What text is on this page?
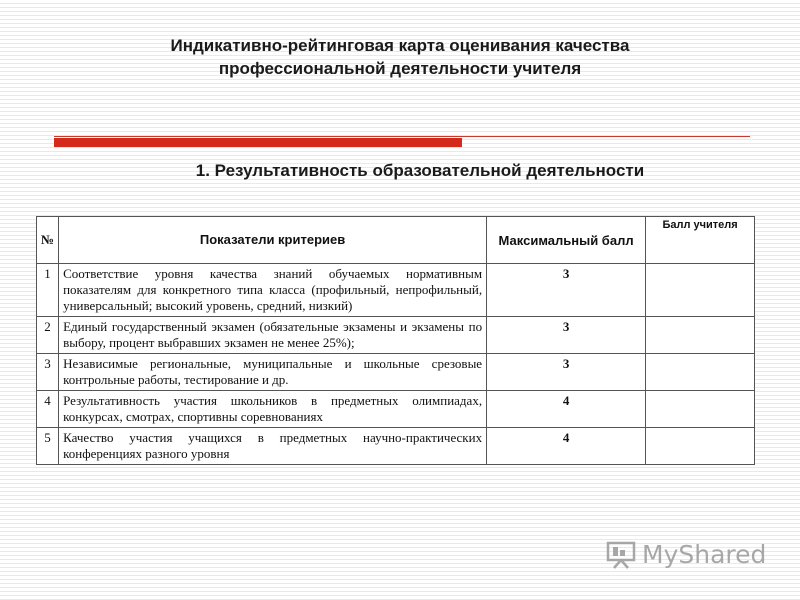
Индикативно-рейтинговая карта оценивания качества
профессиональной деятельности учителя
1. Результативность образовательной деятельности
№	Показатели критериев	Максимальный балл	Балл учителя
1	Соответствие уровня качества знаний обучаемых нормативным показателям для конкретного типа класса (профильный, непрофильный, универсальный; высокий уровень, средний, низкий)	3	
2	Единый государственный экзамен (обязательные экзамены и экзамены по выбору, процент выбравших экзамен не менее 25%);	3	
3	Независимые региональные, муниципальные и школьные срезовые контрольные работы, тестирование и др.	3	
4	Результативность участия школьников в предметных олимпиадах, конкурсах, смотрах, спортивны соревнованиях	4	
5	Качество участия учащихся в предметных научно-практических конференциях разного уровня	4	
MyShared
